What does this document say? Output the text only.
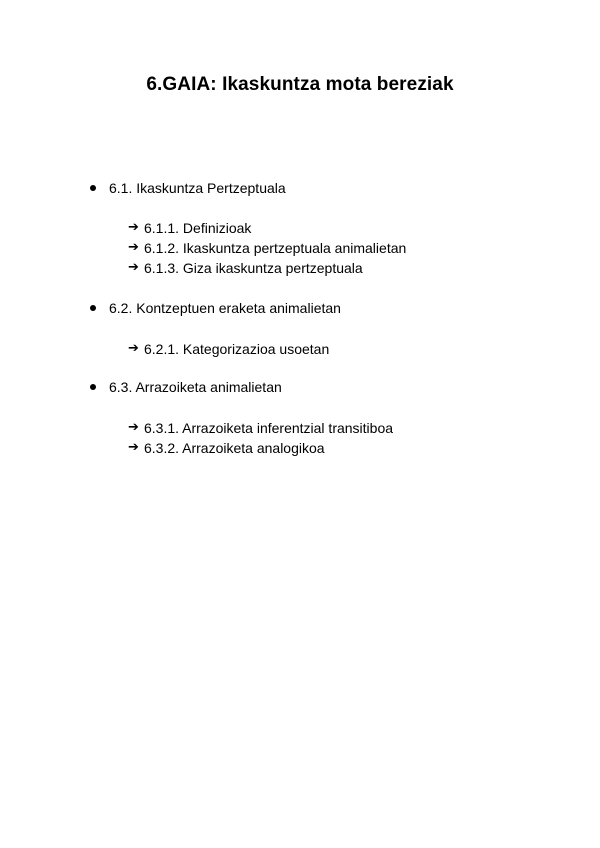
6.GAIA: Ikaskuntza mota bereziak
6.1. Ikaskuntza Pertzeptuala
➔ 6.1.1. Definizioak
➔ 6.1.2. Ikaskuntza pertzeptuala animalietan
➔ 6.1.3. Giza ikaskuntza pertzeptuala
6.2. Kontzeptuen eraketa animalietan
➔ 6.2.1. Kategorizazioa usoetan
6.3. Arrazoiketa animalietan
➔ 6.3.1. Arrazoiketa inferentzial transitiboa
➔ 6.3.2. Arrazoiketa analogikoa
